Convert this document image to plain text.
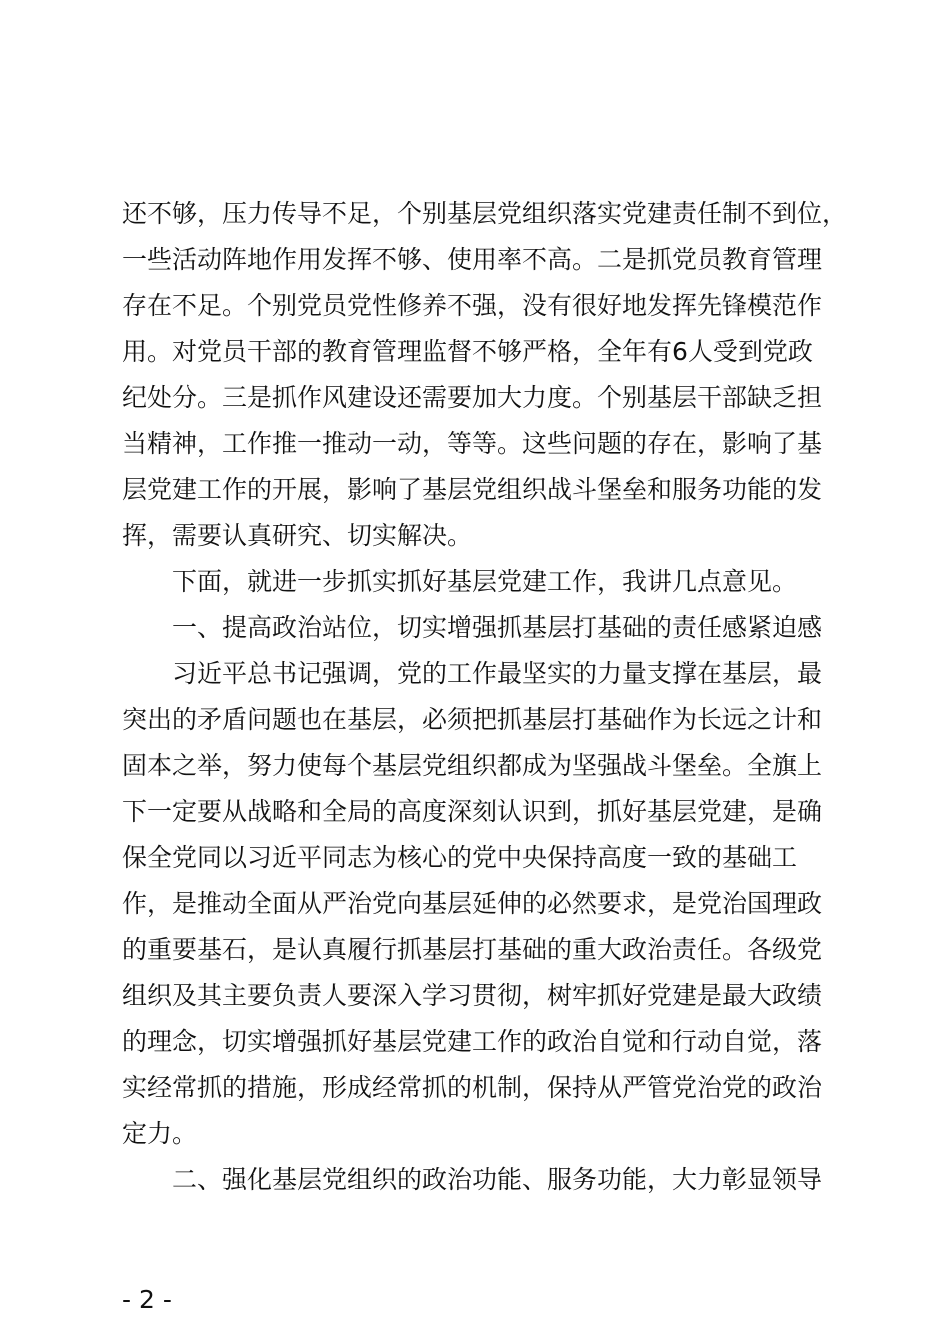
还不够，压力传导不足，个别基层党组织落实党建责任制不到位，
一些活动阵地作用发挥不够、使用率不高。二是抓党员教育管理
存在不足。个别党员党性修养不强，没有很好地发挥先锋模范作
用。对党员干部的教育管理监督不够严格，全年有6人受到党政
纪处分。三是抓作风建设还需要加大力度。个别基层干部缺乏担
当精神，工作推一推动一动，等等。这些问题的存在，影响了基
层党建工作的开展，影响了基层党组织战斗堡垒和服务功能的发
挥，需要认真研究、切实解决。
下面，就进一步抓实抓好基层党建工作，我讲几点意见。
一、提高政治站位，切实增强抓基层打基础的责任感紧迫感
习近平总书记强调，党的工作最坚实的力量支撑在基层，最
突出的矛盾问题也在基层，必须把抓基层打基础作为长远之计和
固本之举，努力使每个基层党组织都成为坚强战斗堡垒。全旗上
下一定要从战略和全局的高度深刻认识到，抓好基层党建，是确
保全党同以习近平同志为核心的党中央保持高度一致的基础工
作，是推动全面从严治党向基层延伸的必然要求，是党治国理政
的重要基石，是认真履行抓基层打基础的重大政治责任。各级党
组织及其主要负责人要深入学习贯彻，树牢抓好党建是最大政绩
的理念，切实增强抓好基层党建工作的政治自觉和行动自觉，落
实经常抓的措施，形成经常抓的机制，保持从严管党治党的政治
定力。
二、强化基层党组织的政治功能、服务功能，大力彰显领导
- 2 -
